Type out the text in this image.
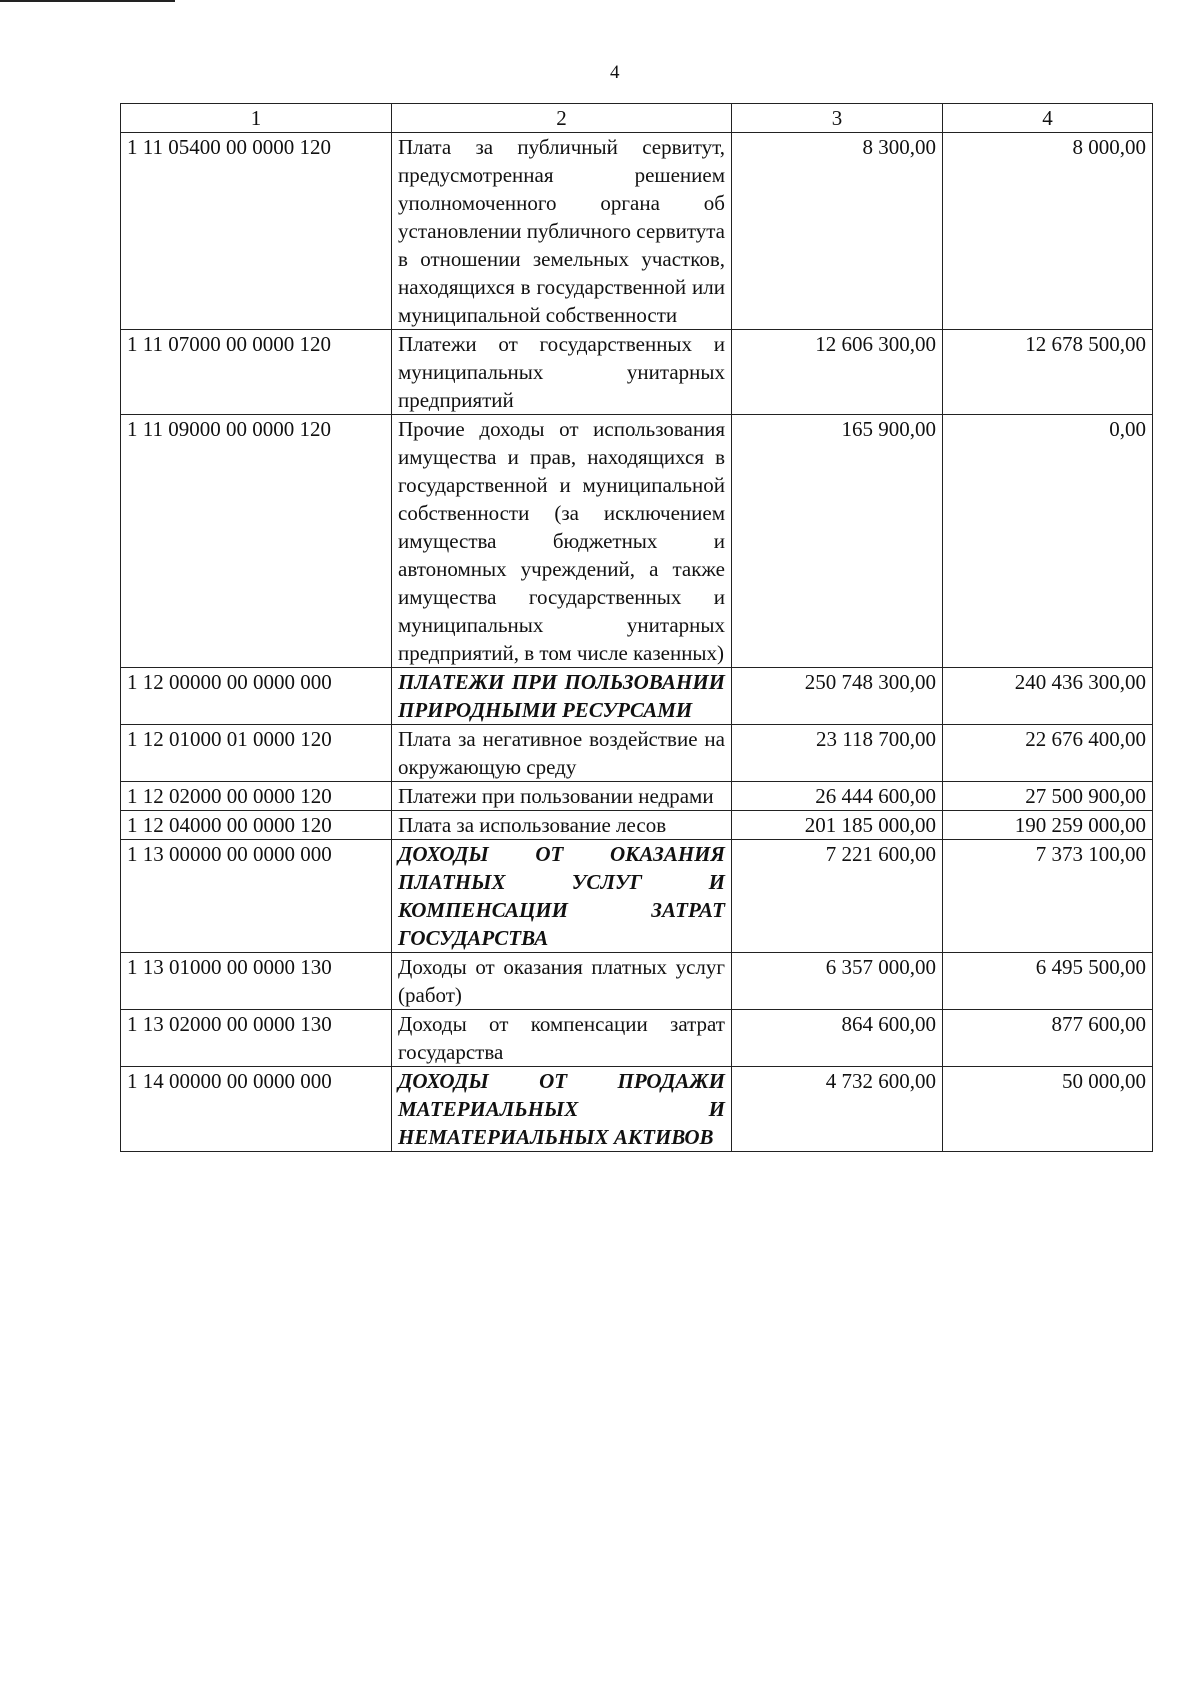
4
1	2	3	4
1 11 05400 00 0000 120	Плата за публичный сервитут, предусмотренная решением уполномоченного органа об установлении публичного сервитута в отношении земельных участков, находящихся в государственной или муниципальной собственности	8 300,00	8 000,00
1 11 07000 00 0000 120	Платежи от государственных и муниципальных унитарных предприятий	12 606 300,00	12 678 500,00
1 11 09000 00 0000 120	Прочие доходы от использования имущества и прав, находящихся в государственной и муниципальной собственности (за исключением имущества бюджетных и автономных учреждений, а также имущества государственных и муниципальных унитарных предприятий, в том числе казенных)	165 900,00	0,00
1 12 00000 00 0000 000	ПЛАТЕЖИ ПРИ ПОЛЬЗОВАНИИ ПРИРОДНЫМИ РЕСУРСАМИ	250 748 300,00	240 436 300,00
1 12 01000 01 0000 120	Плата за негативное воздействие на окружающую среду	23 118 700,00	22 676 400,00
1 12 02000 00 0000 120	Платежи при пользовании недрами	26 444 600,00	27 500 900,00
1 12 04000 00 0000 120	Плата за использование лесов	201 185 000,00	190 259 000,00
1 13 00000 00 0000 000	ДОХОДЫ ОТ ОКАЗАНИЯ ПЛАТНЫХ УСЛУГ И КОМПЕНСАЦИИ ЗАТРАТ ГОСУДАРСТВА	7 221 600,00	7 373 100,00
1 13 01000 00 0000 130	Доходы от оказания платных услуг (работ)	6 357 000,00	6 495 500,00
1 13 02000 00 0000 130	Доходы от компенсации затрат государства	864 600,00	877 600,00
1 14 00000 00 0000 000	ДОХОДЫ ОТ ПРОДАЖИ МАТЕРИАЛЬНЫХ И НЕМАТЕРИАЛЬНЫХ АКТИВОВ	4 732 600,00	50 000,00
